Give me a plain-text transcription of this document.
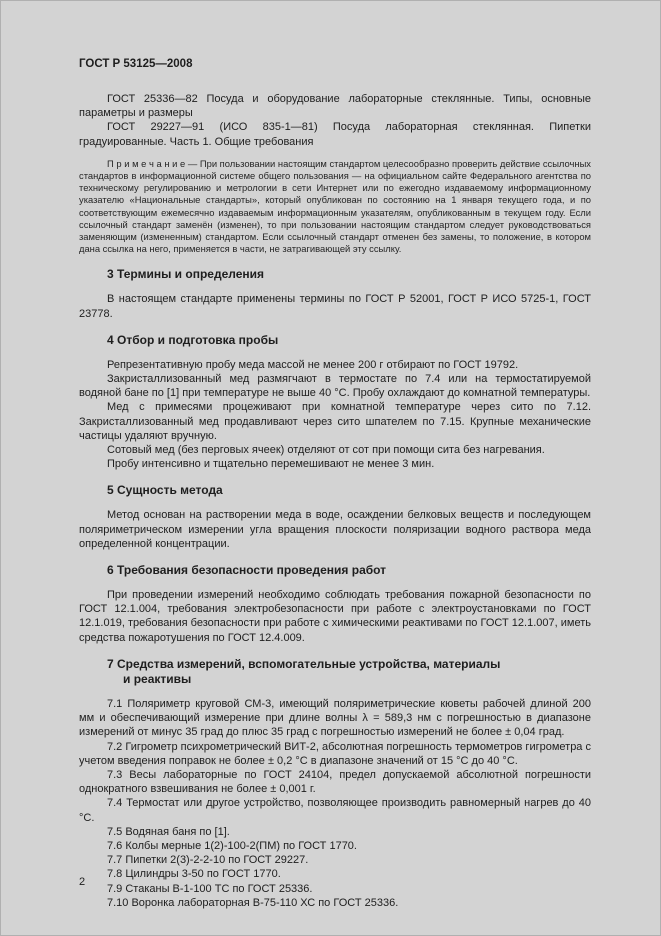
ГОСТ Р 53125—2008

ГОСТ 25336—82 Посуда и оборудование лабораторные стеклянные. Типы, основные параметры и размеры

ГОСТ 29227—91 (ИСО 835-1—81) Посуда лабораторная стеклянная. Пипетки градуированные. Часть 1. Общие требования

П р и м е ч а н и е — При пользовании настоящим стандартом целесообразно проверить действие ссылочных стандартов в информационной системе общего пользования — на официальном сайте Федерального агентства по техническому регулированию и метрологии в сети Интернет или по ежегодно издаваемому информационному указателю «Национальные стандарты», который опубликован по состоянию на 1 января текущего года, и по соответствующим ежемесячно издаваемым информационным указателям, опубликованным в текущем году. Если ссылочный стандарт заменён (изменен), то при пользовании настоящим стандартом следует руководствоваться заменяющим (измененным) стандартом. Если ссылочный стандарт отменен без замены, то положение, в котором дана ссылка на него, применяется в части, не затрагивающей эту ссылку.

3 Термины и определения

В настоящем стандарте применены термины по ГОСТ Р 52001, ГОСТ Р ИСО 5725-1, ГОСТ 23778.

4 Отбор и подготовка пробы

Репрезентативную пробу меда массой не менее 200 г отбирают по ГОСТ 19792.

Закристаллизованный мед размягчают в термостате по 7.4 или на термостатируемой водяной бане по [1] при температуре не выше 40 °С. Пробу охлаждают до комнатной температуры.

Мед с примесями процеживают при комнатной температуре через сито по 7.12. Закристаллизованный мед продавливают через сито шпателем по 7.15. Крупные механические частицы удаляют вручную.

Сотовый мед (без перговых ячеек) отделяют от сот при помощи сита без нагревания.

Пробу интенсивно и тщательно перемешивают не менее 3 мин.

5 Сущность метода

Метод основан на растворении меда в воде, осаждении белковых веществ и последующем поляриметрическом измерении угла вращения плоскости поляризации водного раствора меда определенной концентрации.

6 Требования безопасности проведения работ

При проведении измерений необходимо соблюдать требования пожарной безопасности по ГОСТ 12.1.004, требования электробезопасности при работе с электроустановками по ГОСТ 12.1.019, требования безопасности при работе с химическими реактивами по ГОСТ 12.1.007, иметь средства пожаротушения по ГОСТ 12.4.009.

7 Средства измерений, вспомогательные устройства, материалы
и реактивы

7.1 Поляриметр круговой СМ-3, имеющий поляриметрические кюветы рабочей длиной 200 мм и обеспечивающий измерение при длине волны λ = 589,3 нм с погрешностью в диапазоне измерений от минус 35 град до плюс 35 град с погрешностью измерений не более ± 0,04 град.

7.2 Гигрометр психрометрический ВИТ-2, абсолютная погрешность термометров гигрометра с учетом введения поправок не более ± 0,2 °С в диапазоне значений от 15 °С до 40 °С.

7.3 Весы лабораторные по ГОСТ 24104, предел допускаемой абсолютной погрешности однократного взвешивания не более ± 0,001 г.

7.4 Термостат или другое устройство, позволяющее производить равномерный нагрев до 40 °С.

7.5 Водяная баня по [1].

7.6 Колбы мерные 1(2)-100-2(ПМ) по ГОСТ 1770.

7.7 Пипетки 2(3)-2-2-10 по ГОСТ 29227.

7.8 Цилиндры 3-50 по ГОСТ 1770.

7.9 Стаканы В-1-100 ТС по ГОСТ 25336.

7.10 Воронка лабораторная В-75-110 ХС по ГОСТ 25336.

2
